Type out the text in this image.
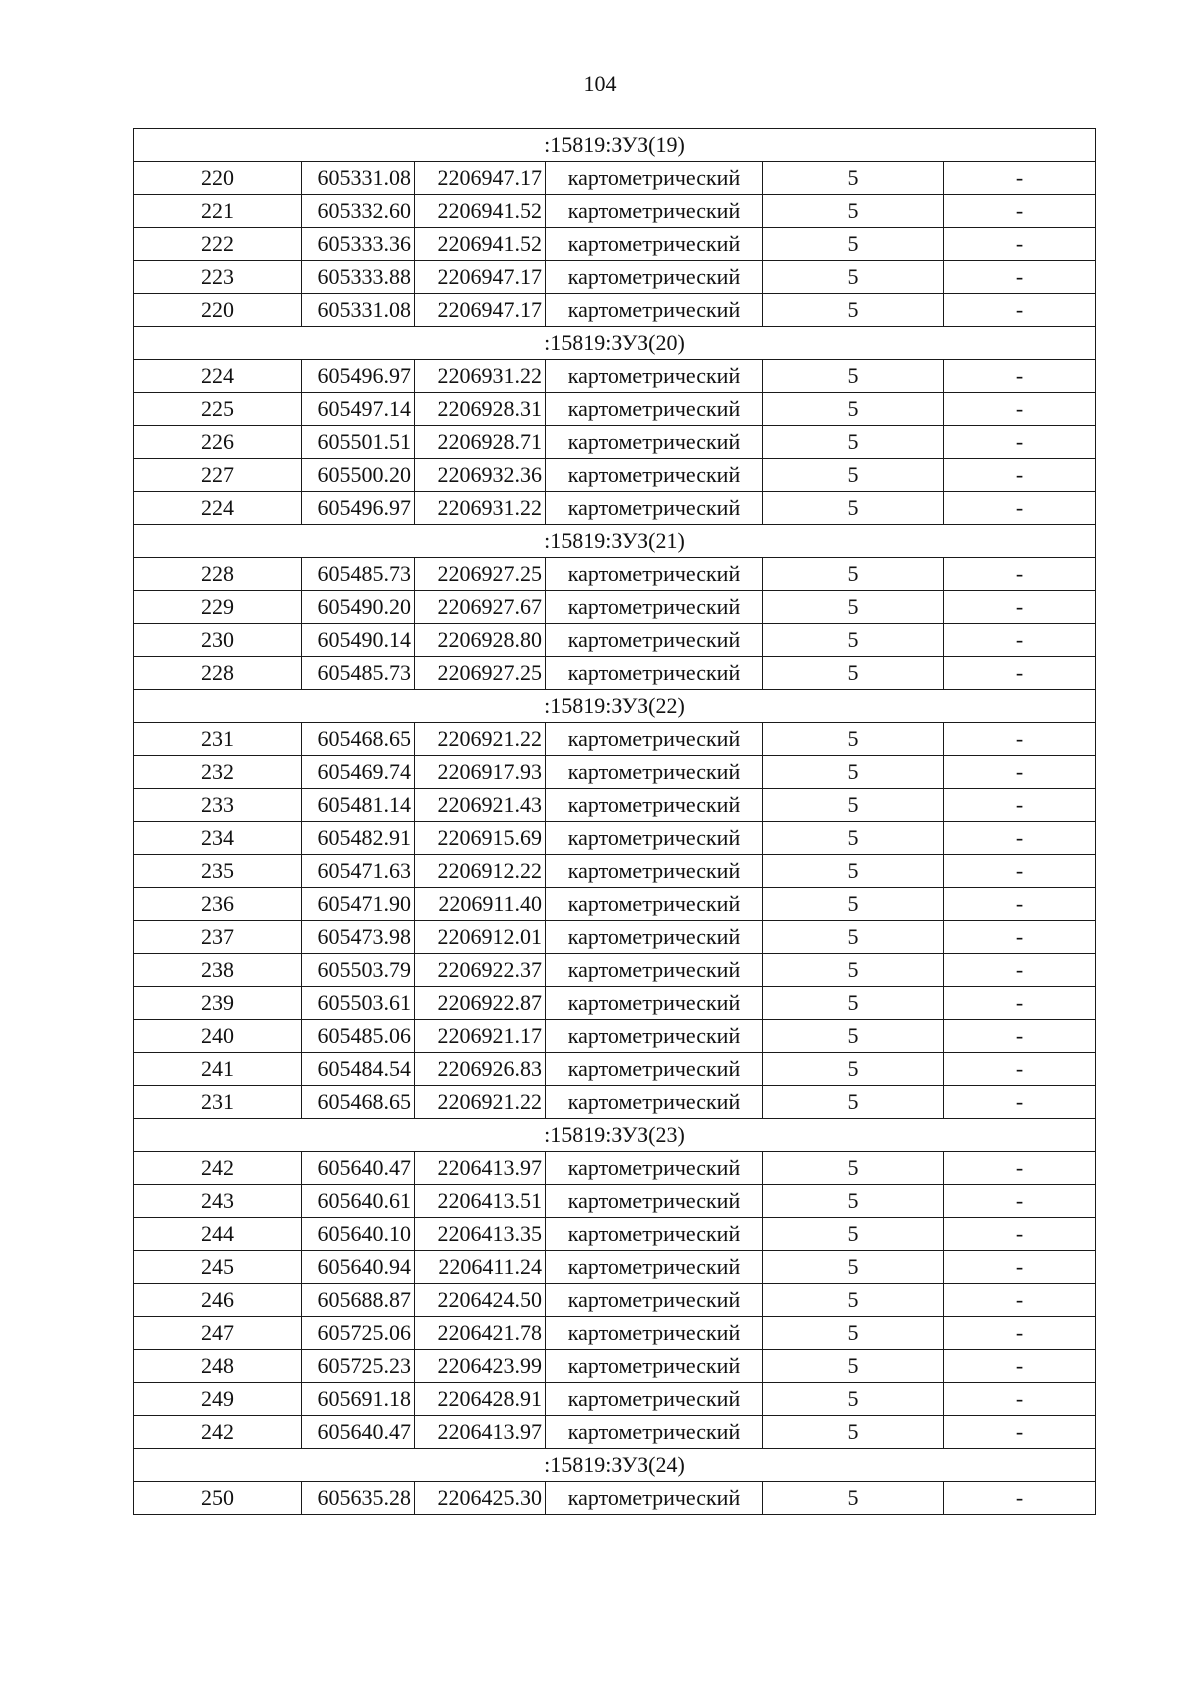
104
:15819:ЗУЗ(19)					
220	605331.08	2206947.17	картометрический	5	-
221	605332.60	2206941.52	картометрический	5	-
222	605333.36	2206941.52	картометрический	5	-
223	605333.88	2206947.17	картометрический	5	-
220	605331.08	2206947.17	картометрический	5	-
:15819:ЗУЗ(20)					
224	605496.97	2206931.22	картометрический	5	-
225	605497.14	2206928.31	картометрический	5	-
226	605501.51	2206928.71	картометрический	5	-
227	605500.20	2206932.36	картометрический	5	-
224	605496.97	2206931.22	картометрический	5	-
:15819:ЗУЗ(21)					
228	605485.73	2206927.25	картометрический	5	-
229	605490.20	2206927.67	картометрический	5	-
230	605490.14	2206928.80	картометрический	5	-
228	605485.73	2206927.25	картометрический	5	-
:15819:ЗУЗ(22)					
231	605468.65	2206921.22	картометрический	5	-
232	605469.74	2206917.93	картометрический	5	-
233	605481.14	2206921.43	картометрический	5	-
234	605482.91	2206915.69	картометрический	5	-
235	605471.63	2206912.22	картометрический	5	-
236	605471.90	2206911.40	картометрический	5	-
237	605473.98	2206912.01	картометрический	5	-
238	605503.79	2206922.37	картометрический	5	-
239	605503.61	2206922.87	картометрический	5	-
240	605485.06	2206921.17	картометрический	5	-
241	605484.54	2206926.83	картометрический	5	-
231	605468.65	2206921.22	картометрический	5	-
:15819:ЗУЗ(23)					
242	605640.47	2206413.97	картометрический	5	-
243	605640.61	2206413.51	картометрический	5	-
244	605640.10	2206413.35	картометрический	5	-
245	605640.94	2206411.24	картометрический	5	-
246	605688.87	2206424.50	картометрический	5	-
247	605725.06	2206421.78	картометрический	5	-
248	605725.23	2206423.99	картометрический	5	-
249	605691.18	2206428.91	картометрический	5	-
242	605640.47	2206413.97	картометрический	5	-
:15819:ЗУЗ(24)					
250	605635.28	2206425.30	картометрический	5	-
